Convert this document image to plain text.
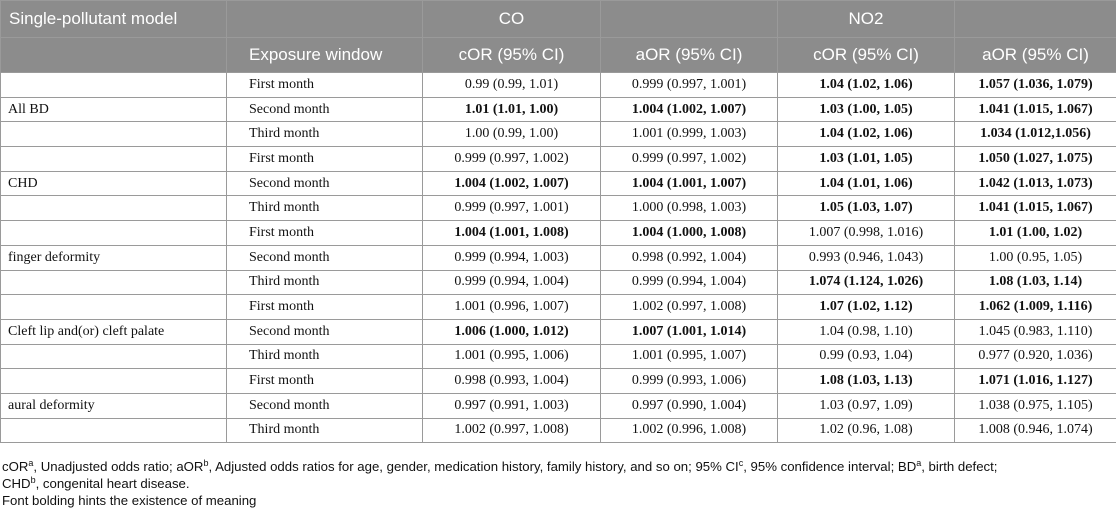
Single-pollutant model		CO		NO2	
	Exposure window	cOR (95% CI)	aOR (95% CI)	cOR (95% CI)	aOR (95% CI)
	First month	0.99 (0.99, 1.01)	0.999 (0.997, 1.001)	1.04 (1.02, 1.06)	1.057 (1.036, 1.079)
All BD	Second month	1.01 (1.01, 1.00)	1.004 (1.002, 1.007)	1.03 (1.00, 1.05)	1.041 (1.015, 1.067)
	Third month	1.00 (0.99, 1.00)	1.001 (0.999, 1.003)	1.04 (1.02, 1.06)	1.034 (1.012,1.056)
	First month	0.999 (0.997, 1.002)	0.999 (0.997, 1.002)	1.03 (1.01, 1.05)	1.050 (1.027, 1.075)
CHD	Second month	1.004 (1.002, 1.007)	1.004 (1.001, 1.007)	1.04 (1.01, 1.06)	1.042 (1.013, 1.073)
	Third month	0.999 (0.997, 1.001)	1.000 (0.998, 1.003)	1.05 (1.03, 1.07)	1.041 (1.015, 1.067)
	First month	1.004 (1.001, 1.008)	1.004 (1.000, 1.008)	1.007 (0.998, 1.016)	1.01 (1.00, 1.02)
finger deformity	Second month	0.999 (0.994, 1.003)	0.998 (0.992, 1.004)	0.993 (0.946, 1.043)	1.00 (0.95, 1.05)
	Third month	0.999 (0.994, 1.004)	0.999 (0.994, 1.004)	1.074 (1.124, 1.026)	1.08 (1.03, 1.14)
	First month	1.001 (0.996, 1.007)	1.002 (0.997, 1.008)	1.07 (1.02, 1.12)	1.062 (1.009, 1.116)
Cleft lip and(or) cleft palate	Second month	1.006 (1.000, 1.012)	1.007 (1.001, 1.014)	1.04 (0.98, 1.10)	1.045 (0.983, 1.110)
	Third month	1.001 (0.995, 1.006)	1.001 (0.995, 1.007)	0.99 (0.93, 1.04)	0.977 (0.920, 1.036)
	First month	0.998 (0.993, 1.004)	0.999 (0.993, 1.006)	1.08 (1.03, 1.13)	1.071 (1.016, 1.127)
aural deformity	Second month	0.997 (0.991, 1.003)	0.997 (0.990, 1.004)	1.03 (0.97, 1.09)	1.038 (0.975, 1.105)
	Third month	1.002 (0.997, 1.008)	1.002 (0.996, 1.008)	1.02 (0.96, 1.08)	1.008 (0.946, 1.074)

cOR$^a$, Unadjusted odds ratio; aOR$^b$, Adjusted odds ratios for age, gender, medication history, family history, and so on; 95% $CI^c$, 95% confidence interval; $BD^a$, birth defect;

CHD$^b$, congenital heart disease.

Font bolding hints the existence of meaning
